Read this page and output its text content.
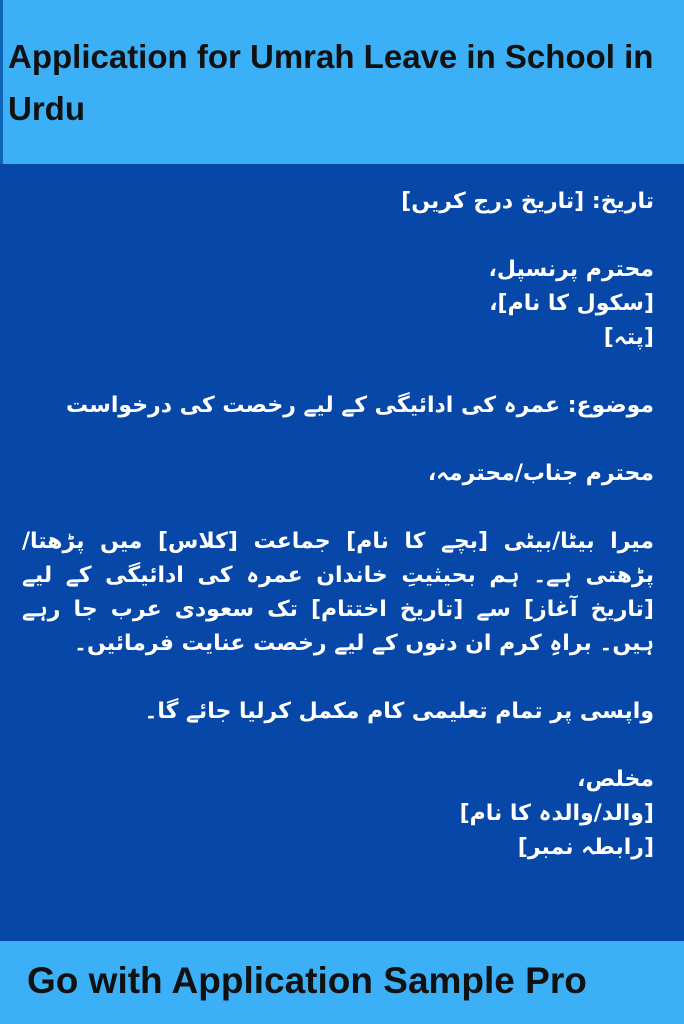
Application for Umrah Leave in School in Urdu
تاریخ: [تاریخ درج کریں]
محترم پرنسپل،
[سکول کا نام]،
[پتہ]
موضوع: عمرہ کی ادائیگی کے لیے رخصت کی درخواست
محترم جناب/محترمہ،
میرا بیٹا/بیٹی [بچے کا نام] جماعت [کلاس] میں پڑھتا/پڑھتی ہے۔ ہم بحیثیتِ خاندان عمرہ کی ادائیگی کے لیے [تاریخ آغاز] سے [تاریخ اختتام] تک سعودی عرب جا رہے ہیں۔ براہِ کرم ان دنوں کے لیے رخصت عنایت فرمائیں۔
واپسی پر تمام تعلیمی کام مکمل کرلیا جائے گا۔
مخلص،
[والد/والدہ کا نام]
[رابطہ نمبر]

Go with Application Sample Pro
